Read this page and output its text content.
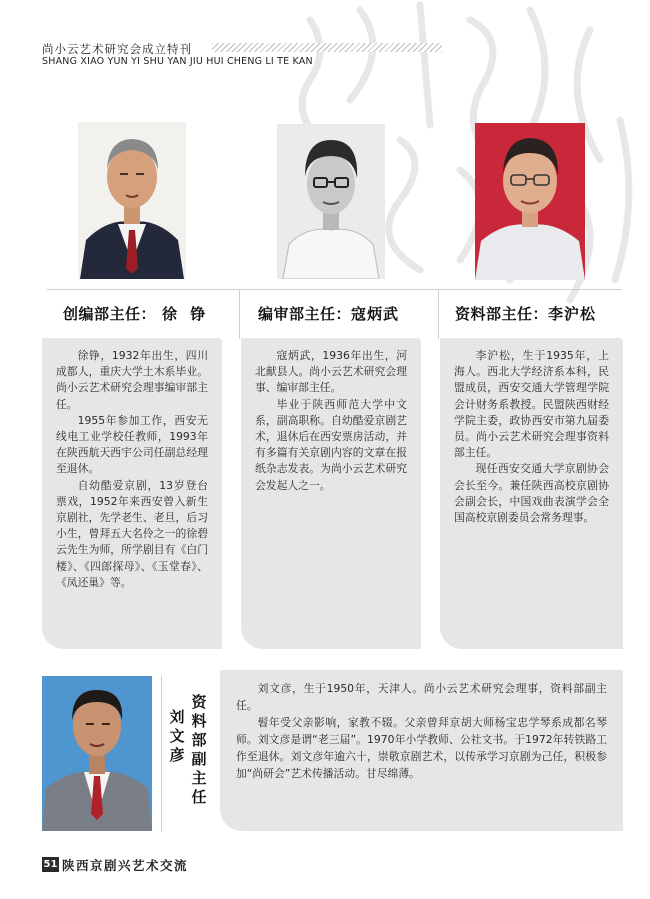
尚小云艺术研究会成立特刊
SHANG XIAO YUN YI SHU YAN JIU HUI CHENG LI TE KAN
创编部主任： 徐 铮	编审部主任：寇炳武	资料部主任：李沪松

徐铮，1932年出生，四川成都人，重庆大学土木系毕业。尚小云艺术研究会理事编审部主任。

1955年参加工作，西安无线电工业学校任教师，1993年在陕西航天西宇公司任副总经理至退休。

自幼酷爱京剧，13岁登台票戏，1952年来西安曾入新生京剧社，先学老生、老旦，后习小生，曾拜五大名伶之一的徐碧云先生为师，所学剧目有《白门楼》、《四郎探母》、《玉堂春》、《凤还巢》等。

寇炳武，1936年出生，河北献县人。尚小云艺术研究会理事、编审部主任。

毕业于陕西师范大学中文系，副高职称。自幼酷爱京剧艺术，退休后在西安票房活动，并有多篇有关京剧内容的文章在报纸杂志发表。为尚小云艺术研究会发起人之一。

李沪松，生于1935年，上海人。西北大学经济系本科，民盟成员，西安交通大学管理学院会计财务系教授。民盟陕西财经学院主委，政协西安市第九届委员。尚小云艺术研究会理事资料部主任。

现任西安交通大学京剧协会会长至今。兼任陕西高校京剧协会副会长，中国戏曲表演学会全国高校京剧委员会常务理事。

资料部副主任
刘文彦

刘文彦，生于1950年，天津人。尚小云艺术研究会理事，资料部副主任。

髫年受父亲影响，家教不辍。父亲曾拜京胡大师杨宝忠学琴系成都名琴师。刘文彦是谓“老三届”。1970年小学教师、公社文书。于1972年转铁路工作至退休。刘文彦年逾六十，崇敬京剧艺术，以传承学习京剧为己任，积极参加“尚研会”艺术传播活动。甘尽绵薄。

51 陕西京剧兴艺术交流
